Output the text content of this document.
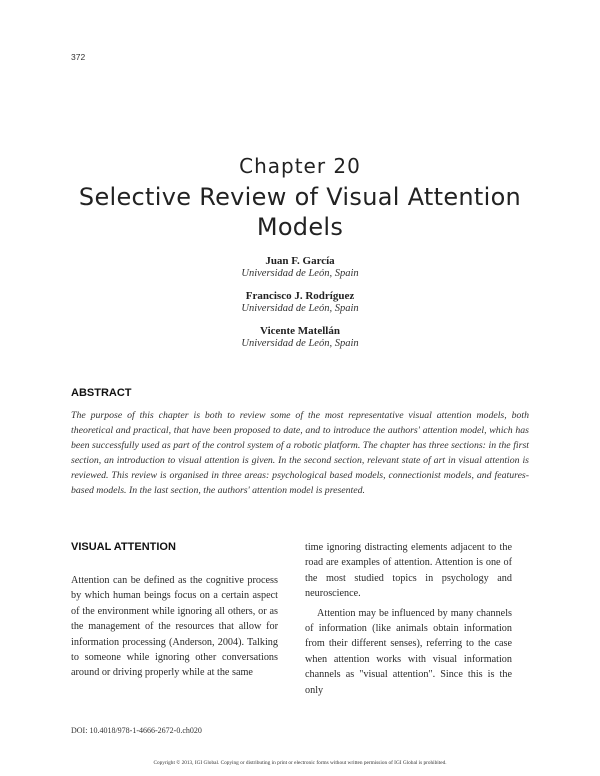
372
Chapter 20
Selective Review of Visual Attention Models
Juan F. García
Universidad de León, Spain
Francisco J. Rodríguez
Universidad de León, Spain
Vicente Matellán
Universidad de León, Spain
ABSTRACT
The purpose of this chapter is both to review some of the most representative visual attention models, both theoretical and practical, that have been proposed to date, and to introduce the authors' attention model, which has been successfully used as part of the control system of a robotic platform. The chapter has three sections: in the first section, an introduction to visual attention is given. In the second section, relevant state of art in visual attention is reviewed. This review is organised in three areas: psychological based models, connectionist models, and features-based models. In the last section, the authors' attention model is presented.
VISUAL ATTENTION

Attention can be defined as the cognitive process by which human beings focus on a certain aspect of the environment while ignoring all others, or as the management of the resources that allow for information processing (Anderson, 2004). Talking to someone while ignoring other conversations around or driving properly while at the same

time ignoring distracting elements adjacent to the road are examples of attention. Attention is one of the most studied topics in psychology and neuroscience.

Attention may be influenced by many channels of information (like animals obtain information from their different senses), referring to the case when attention works with visual information channels as "visual attention". Since this is the only

DOI: 10.4018/978-1-4666-2672-0.ch020
Copyright © 2013, IGI Global. Copying or distributing in print or electronic forms without written permission of IGI Global is prohibited.
